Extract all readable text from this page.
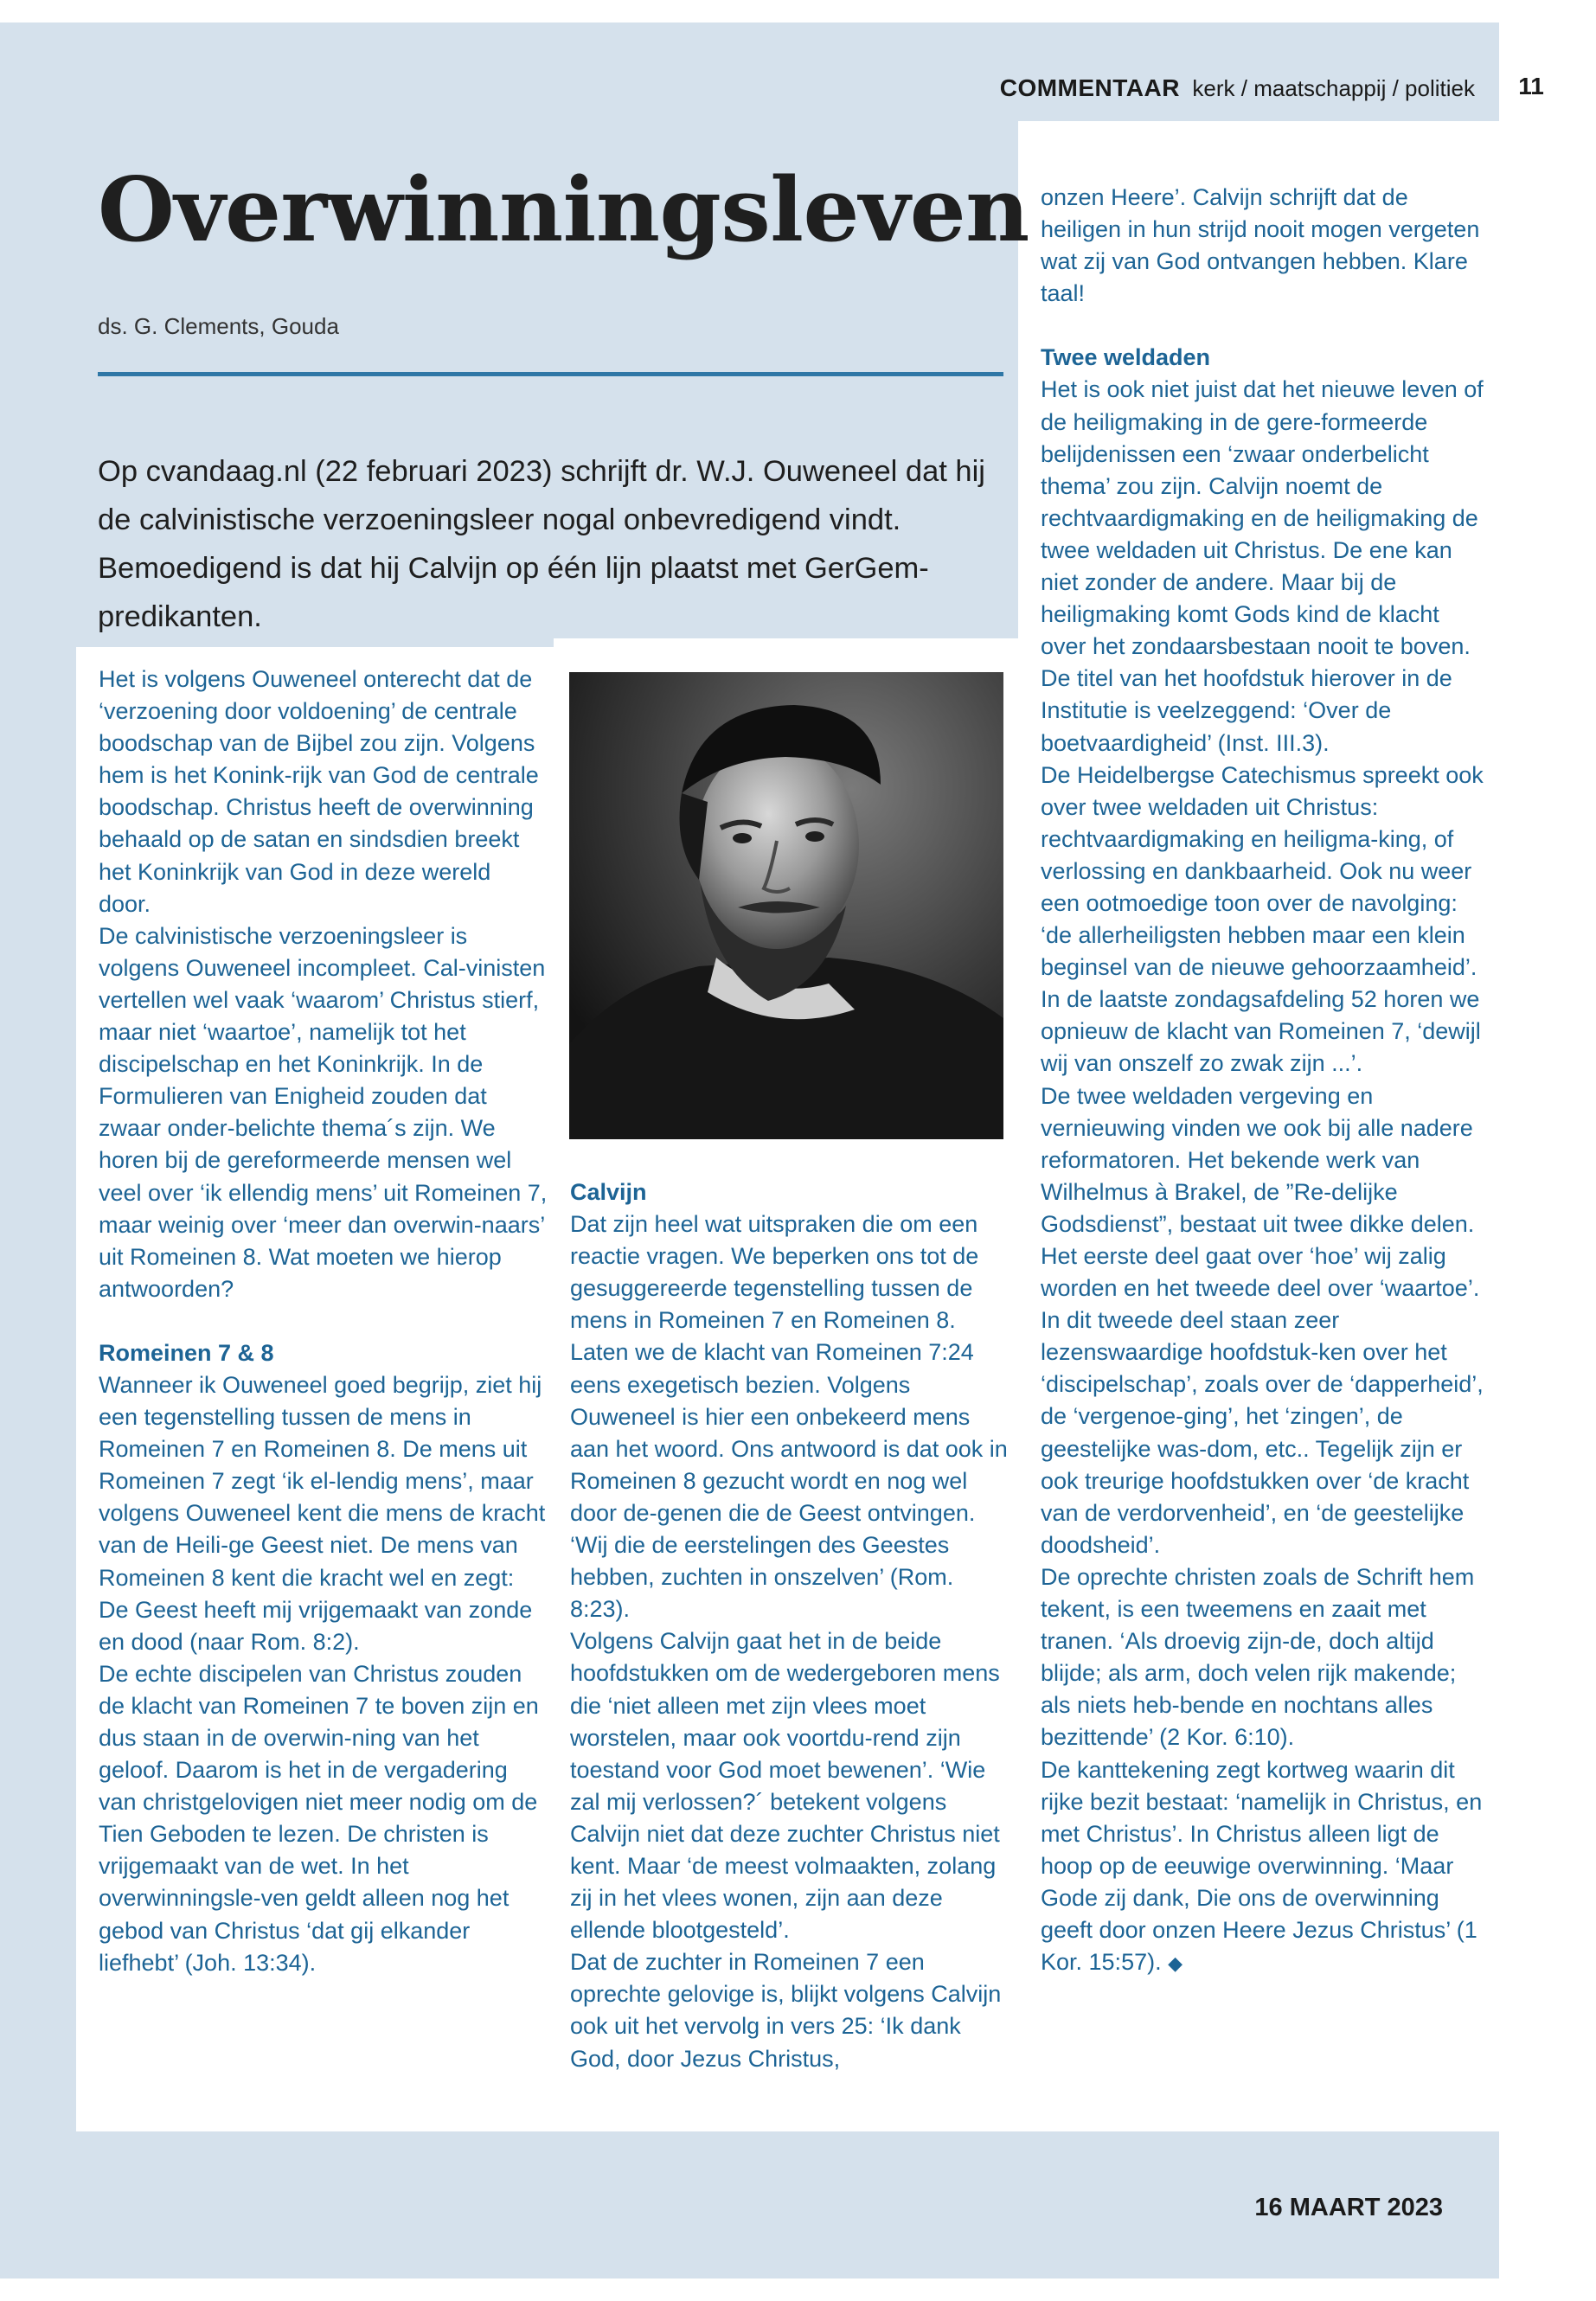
COMMENTAAR kerk / maatschappij / politiek	11
Overwinningsleven
ds. G. Clements, Gouda

Op cvandaag.nl (22 februari 2023) schrijft dr. W.J. Ouweneel dat hij de calvinistische verzoeningsleer nogal onbevredigend vindt. Bemoedigend is dat hij Calvijn op één lijn plaatst met GerGem-predikanten.

Het is volgens Ouweneel onterecht dat de ‘verzoening door voldoening’ de centrale boodschap van de Bijbel zou zijn. Volgens hem is het Konink-rijk van God de centrale boodschap. Christus heeft de overwinning behaald op de satan en sindsdien breekt het Koninkrijk van God in deze wereld door.

De calvinistische verzoeningsleer is volgens Ouweneel incompleet. Cal-vinisten vertellen wel vaak ‘waarom’ Christus stierf, maar niet ‘waartoe’, namelijk tot het discipelschap en het Koninkrijk. In de Formulieren van Enigheid zouden dat zwaar onder-belichte thema´s zijn. We horen bij de gereformeerde mensen wel veel over ‘ik ellendig mens’ uit Romeinen 7, maar weinig over ‘meer dan overwin-naars’ uit Romeinen 8. Wat moeten we hierop antwoorden?

Romeinen 7 & 8

Wanneer ik Ouweneel goed begrijp, ziet hij een tegenstelling tussen de mens in Romeinen 7 en Romeinen 8. De mens uit Romeinen 7 zegt ‘ik el-lendig mens’, maar volgens Ouweneel kent die mens de kracht van de Heili-ge Geest niet. De mens van Romeinen 8 kent die kracht wel en zegt: De Geest heeft mij vrijgemaakt van zonde en dood (naar Rom. 8:2).

De echte discipelen van Christus zouden de klacht van Romeinen 7 te boven zijn en dus staan in de overwin-ning van het geloof. Daarom is het in de vergadering van christgelovigen niet meer nodig om de Tien Geboden te lezen. De christen is vrijgemaakt van de wet. In het overwinningsle-ven geldt alleen nog het gebod van Christus ‘dat gij elkander liefhebt’ (Joh. 13:34).

Calvijn

Dat zijn heel wat uitspraken die om een reactie vragen. We beperken ons tot de gesuggereerde tegenstelling tussen de mens in Romeinen 7 en Romeinen 8. Laten we de klacht van Romeinen 7:24 eens exegetisch bezien. Volgens Ouweneel is hier een onbekeerd mens aan het woord. Ons antwoord is dat ook in Romeinen 8 gezucht wordt en nog wel door de-genen die de Geest ontvingen. ‘Wij die de eerstelingen des Geestes hebben, zuchten in onszelven’ (Rom. 8:23).

Volgens Calvijn gaat het in de beide hoofdstukken om de wedergeboren mens die ‘niet alleen met zijn vlees moet worstelen, maar ook voortdu-rend zijn toestand voor God moet bewenen’. ‘Wie zal mij verlossen?´ betekent volgens Calvijn niet dat deze zuchter Christus niet kent. Maar ‘de meest volmaakten, zolang zij in het vlees wonen, zijn aan deze ellende blootgesteld’.

Dat de zuchter in Romeinen 7 een oprechte gelovige is, blijkt volgens Calvijn ook uit het vervolg in vers 25: ‘Ik dank God, door Jezus Christus,

onzen Heere’. Calvijn schrijft dat de heiligen in hun strijd nooit mogen vergeten wat zij van God ontvangen hebben. Klare taal!

Twee weldaden

Het is ook niet juist dat het nieuwe leven of de heiligmaking in de gere-formeerde belijdenissen een ‘zwaar onderbelicht thema’ zou zijn. Calvijn noemt de rechtvaardigmaking en de heiligmaking de twee weldaden uit Christus. De ene kan niet zonder de andere. Maar bij de heiligmaking komt Gods kind de klacht over het zondaarsbestaan nooit te boven.

De titel van het hoofdstuk hierover in de Institutie is veelzeggend: ‘Over de boetvaardigheid’ (Inst. III.3).

De Heidelbergse Catechismus spreekt ook over twee weldaden uit Christus: rechtvaardigmaking en heiligma-king, of verlossing en dankbaarheid. Ook nu weer een ootmoedige toon over de navolging: ‘de allerheiligsten hebben maar een klein beginsel van de nieuwe gehoorzaamheid’. In de laatste zondagsafdeling 52 horen we opnieuw de klacht van Romeinen 7, ‘dewijl wij van onszelf zo zwak zijn ...’.

De twee weldaden vergeving en vernieuwing vinden we ook bij alle nadere reformatoren. Het bekende werk van Wilhelmus à Brakel, de ”Re-delijke Godsdienst”, bestaat uit twee dikke delen. Het eerste deel gaat over ‘hoe’ wij zalig worden en het tweede deel over ‘waartoe’. In dit tweede deel staan zeer lezenswaardige hoofdstuk-ken over het ‘discipelschap’, zoals over de ‘dapperheid’, de ‘vergenoe-ging’, het ‘zingen’, de geestelijke was-dom, etc.. Tegelijk zijn er ook treurige hoofdstukken over ‘de kracht van de verdorvenheid’, en ‘de geestelijke doodsheid’.

De oprechte christen zoals de Schrift hem tekent, is een tweemens en zaait met tranen. ‘Als droevig zijn-de, doch altijd blijde; als arm, doch velen rijk makende; als niets heb-bende en nochtans alles bezittende’ (2 Kor. 6:10).

De kanttekening zegt kortweg waarin dit rijke bezit bestaat: ‘namelijk in Christus, en met Christus’. In Christus alleen ligt de hoop op de eeuwige overwinning. ‘Maar Gode zij dank, Die ons de overwinning geeft door onzen Heere Jezus Christus’ (1 Kor. 15:57). ◆

16 MAART 2023
